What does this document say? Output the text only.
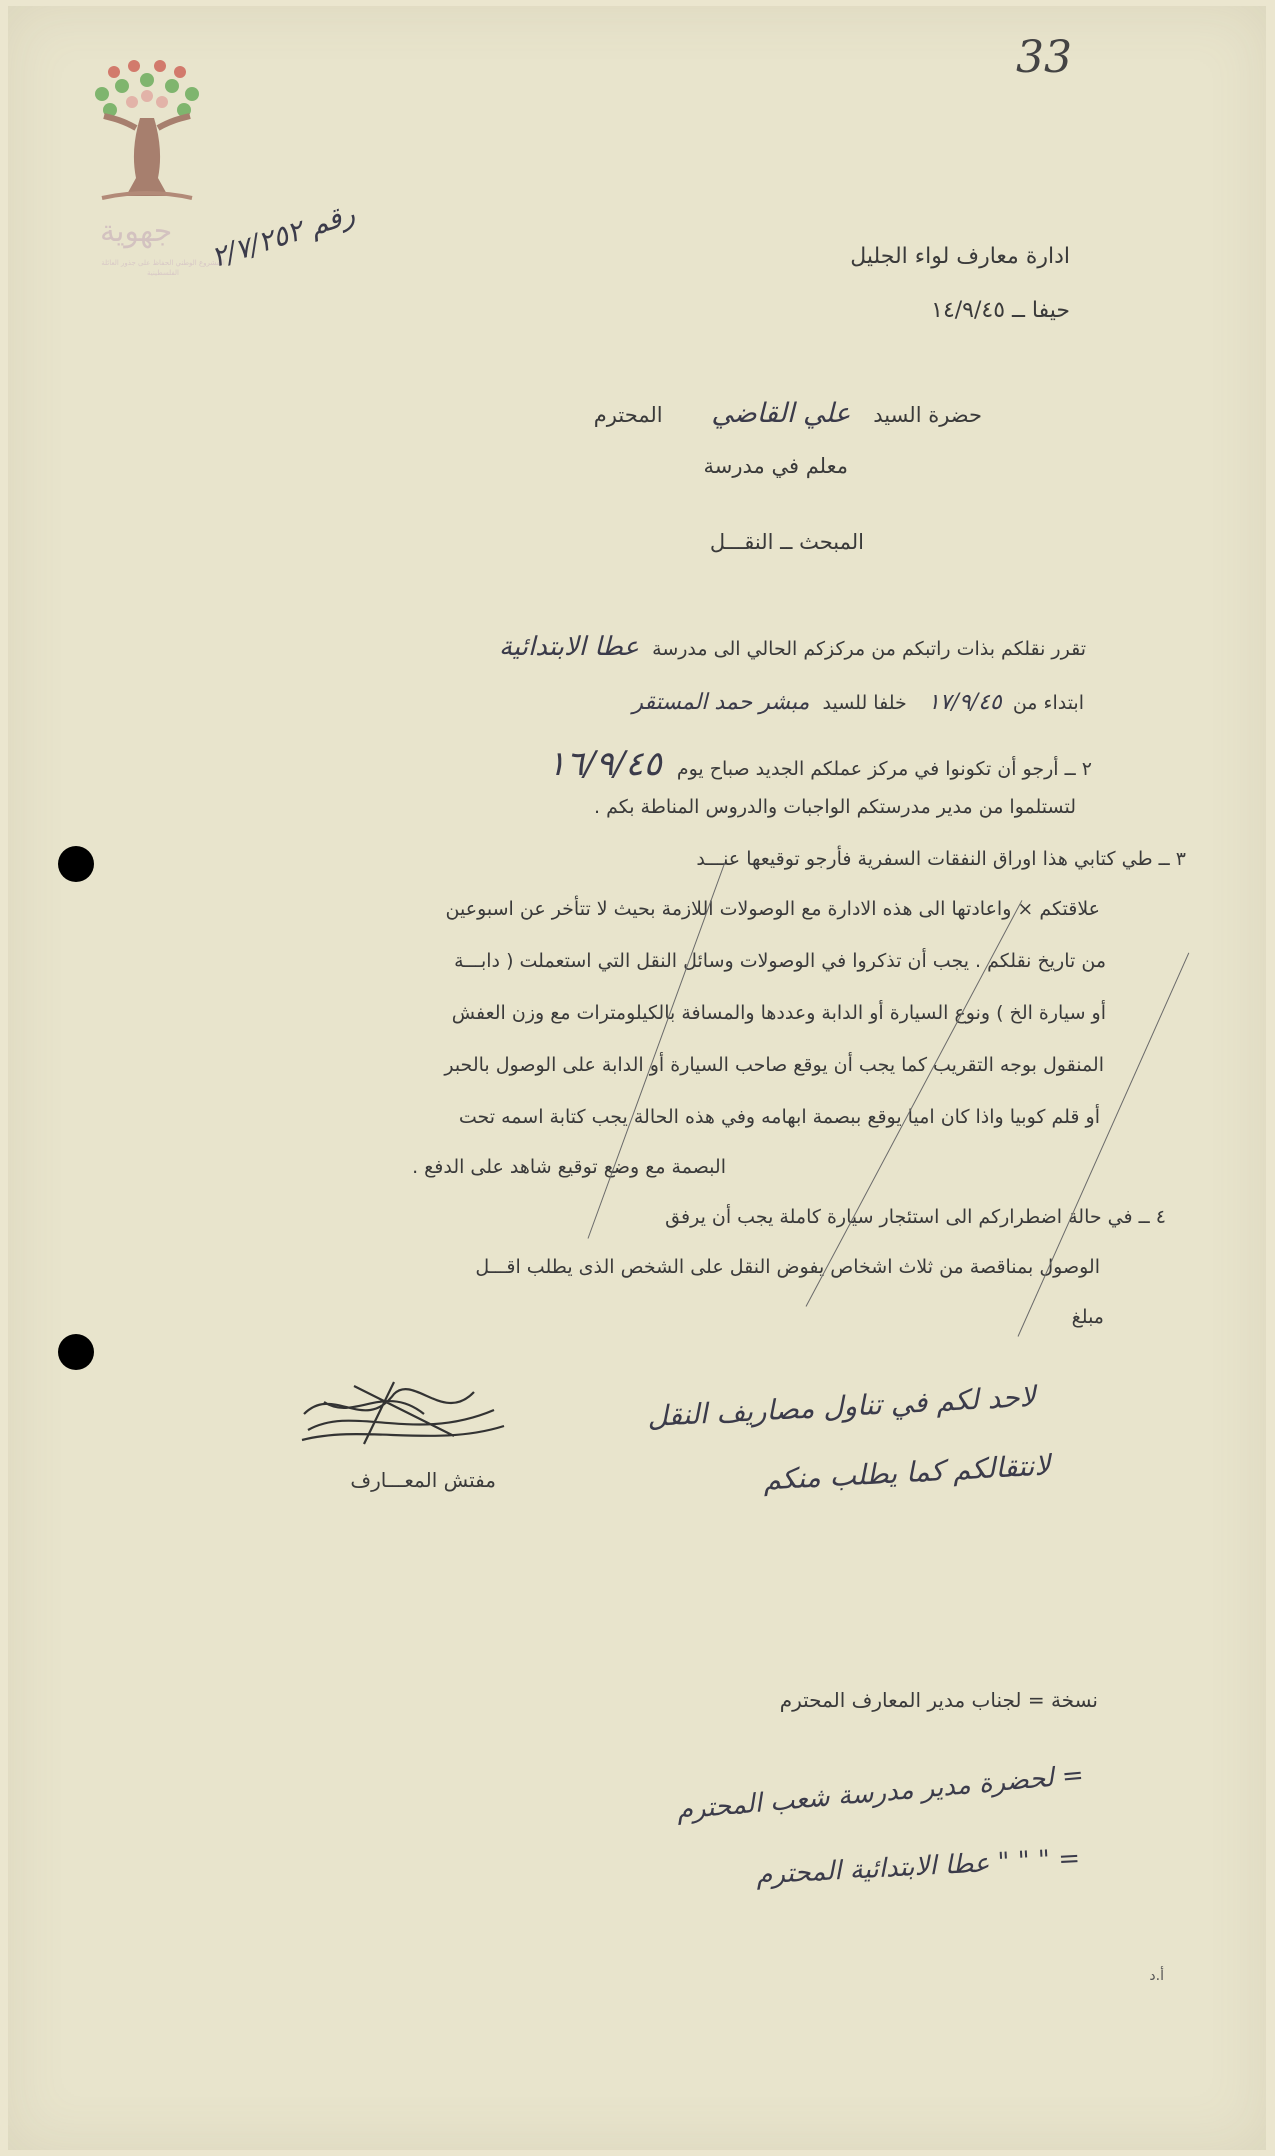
33
جهوية
المشروع الوطني الحفاظ على جذور العائلة الفلسطينية	رقم ٢/٧/٢٥٢
ادارة معارف لواء الجليل
حيفا ــ ١٤/٩/٤٥
حضرة السيد علي القاضي المحترم
معلم في مدرسة
المبحث ــ النقـــل
تقرر نقلكم بذات راتبكم من مركزكم الحالي الى مدرسة عطا الابتدائية
ابتداء من ١٧/٩/٤٥ خلفا للسيد مبشر حمد المستقر
٢ ــ أرجو أن تكونوا في مركز عملكم الجديد صباح يوم ١٦/٩/٤٥
لتستلموا من مدير مدرستكم الواجبات والدروس المناطة بكم .
٣ ــ طي كتابي هذا اوراق النفقات السفرية فأرجو توقيعها عنـــد
علاقتكم × واعادتها الى هذه الادارة مع الوصولات اللازمة بحيث لا تتأخر عن اسبوعين
من تاريخ نقلكم . يجب أن تذكروا في الوصولات وسائل النقل التي استعملت ( دابـــة
أو سيارة الخ ) ونوع السيارة أو الدابة وعددها والمسافة بالكيلومترات مع وزن العفش
المنقول بوجه التقريب كما يجب أن يوقع صاحب السيارة أو الدابة على الوصول بالحبر
أو قلم كوبيا واذا كان اميا يوقع ببصمة ابهامه وفي هذه الحالة يجب كتابة اسمه تحت
البصمة مع وضع توقيع شاهد على الدفع .
٤ ــ في حالة اضطراركم الى استئجار سيارة كاملة يجب أن يرفق
الوصول بمناقصة من ثلاث اشخاص يفوض النقل على الشخص الذى يطلب اقـــل
مبلغ
مفتش المعـــارف
لاحد لكم في تناول مصاريف النقل
لانتقالكم كما يطلب منكم
نسخة = لجناب مدير المعارف المحترم
= لحضرة مدير مدرسة شعب المحترم
= " " " عطا الابتدائية المحترم
أ.د
